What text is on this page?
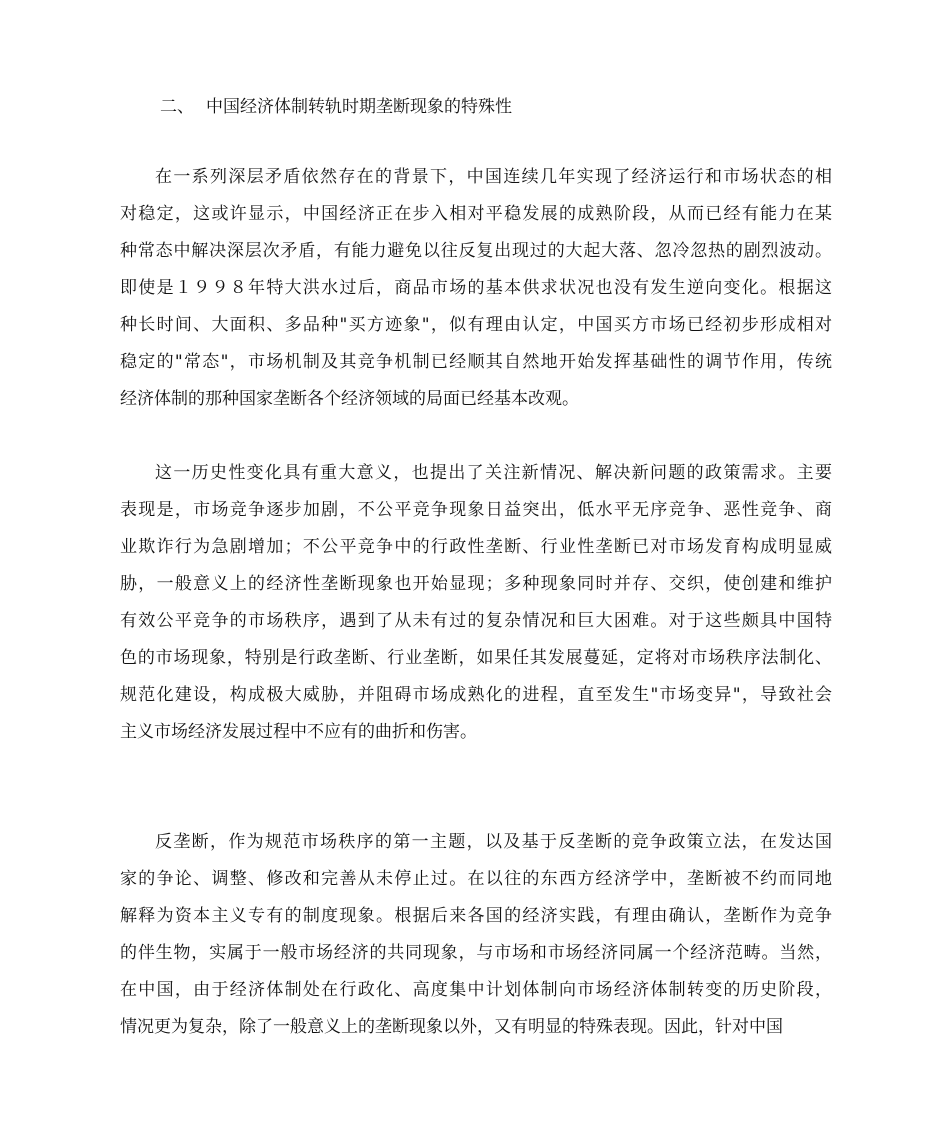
二、 中国经济体制转轨时期垄断现象的特殊性
在一系列深层矛盾依然存在的背景下，中国连续几年实现了经济运行和市场状态的相
对稳定，这或许显示，中国经济正在步入相对平稳发展的成熟阶段，从而已经有能力在某
种常态中解决深层次矛盾，有能力避免以往反复出现过的大起大落、忽冷忽热的剧烈波动。
即使是１９９８年特大洪水过后，商品市场的基本供求状况也没有发生逆向变化。根据这
种长时间、大面积、多品种"买方迹象"，似有理由认定，中国买方市场已经初步形成相对
稳定的"常态"，市场机制及其竞争机制已经顺其自然地开始发挥基础性的调节作用，传统
经济体制的那种国家垄断各个经济领域的局面已经基本改观。
这一历史性变化具有重大意义，也提出了关注新情况、解决新问题的政策需求。主要
表现是，市场竞争逐步加剧，不公平竞争现象日益突出，低水平无序竞争、恶性竞争、商
业欺诈行为急剧增加；不公平竞争中的行政性垄断、行业性垄断已对市场发育构成明显威
胁，一般意义上的经济性垄断现象也开始显现；多种现象同时并存、交织，使创建和维护
有效公平竞争的市场秩序，遇到了从未有过的复杂情况和巨大困难。对于这些颇具中国特
色的市场现象，特别是行政垄断、行业垄断，如果任其发展蔓延，定将对市场秩序法制化、
规范化建设，构成极大威胁，并阻碍市场成熟化的进程，直至发生"市场变异"，导致社会
主义市场经济发展过程中不应有的曲折和伤害。
反垄断，作为规范市场秩序的第一主题，以及基于反垄断的竞争政策立法，在发达国
家的争论、调整、修改和完善从未停止过。在以往的东西方经济学中，垄断被不约而同地
解释为资本主义专有的制度现象。根据后来各国的经济实践，有理由确认，垄断作为竞争
的伴生物，实属于一般市场经济的共同现象，与市场和市场经济同属一个经济范畴。当然，
在中国，由于经济体制处在行政化、高度集中计划体制向市场经济体制转变的历史阶段，
情况更为复杂，除了一般意义上的垄断现象以外，又有明显的特殊表现。因此，针对中国
